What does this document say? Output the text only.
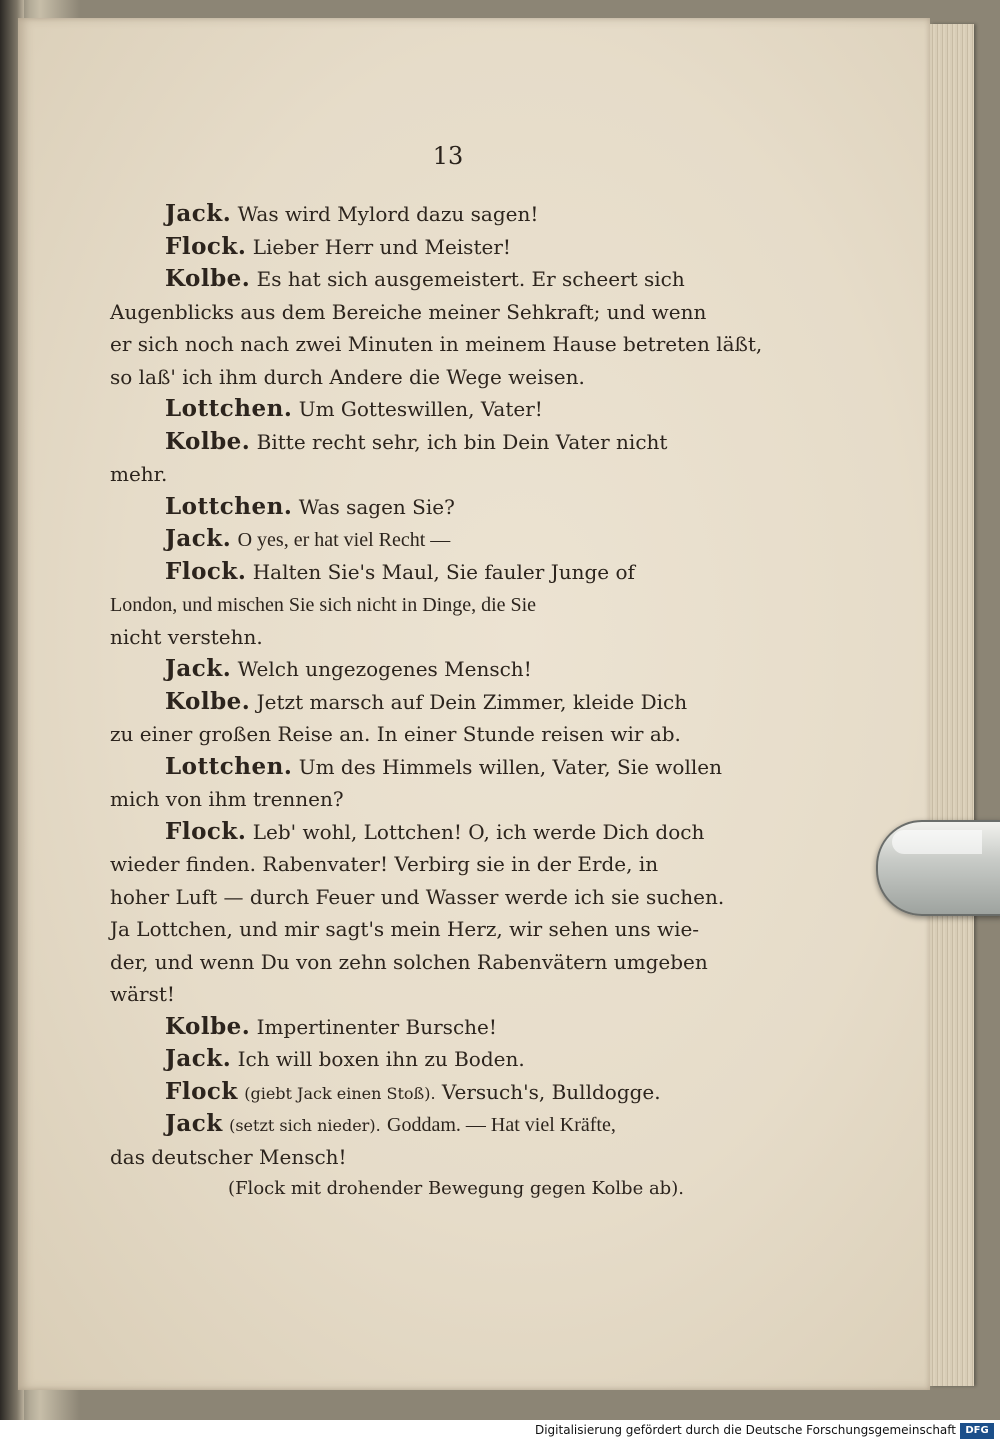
13
Jack. Was wird Mylord dazu sagen!
Flock. Lieber Herr und Meister!
Kolbe. Es hat sich ausgemeistert. Er scheert sich
Augenblicks aus dem Bereiche meiner Sehkraft; und wenn
er sich noch nach zwei Minuten in meinem Hause betreten läßt,
so laß' ich ihm durch Andere die Wege weisen.
Lottchen. Um Gotteswillen, Vater!
Kolbe. Bitte recht sehr, ich bin Dein Vater nicht
mehr.
Lottchen. Was sagen Sie?
Jack. O yes, er hat viel Recht —
Flock. Halten Sie's Maul, Sie fauler Junge of
London, und mischen Sie sich nicht in Dinge, die Sie
nicht verstehn.
Jack. Welch ungezogenes Mensch!
Kolbe. Jetzt marsch auf Dein Zimmer, kleide Dich
zu einer großen Reise an. In einer Stunde reisen wir ab.
Lottchen. Um des Himmels willen, Vater, Sie wollen
mich von ihm trennen?
Flock. Leb' wohl, Lottchen! O, ich werde Dich doch
wieder finden. Rabenvater! Verbirg sie in der Erde, in
hoher Luft — durch Feuer und Wasser werde ich sie suchen.
Ja Lottchen, und mir sagt's mein Herz, wir sehen uns wie-
der, und wenn Du von zehn solchen Rabenvätern umgeben
wärst!
Kolbe. Impertinenter Bursche!
Jack. Ich will boxen ihn zu Boden.
Flock (giebt Jack einen Stoß). Versuch's, Bulldogge.
Jack (setzt sich nieder). Goddam. — Hat viel Kräfte,
das deutscher Mensch!
(Flock mit drohender Bewegung gegen Kolbe ab).
Digitalisierung gefördert durch die Deutsche Forschungsgemeinschaft DFG
